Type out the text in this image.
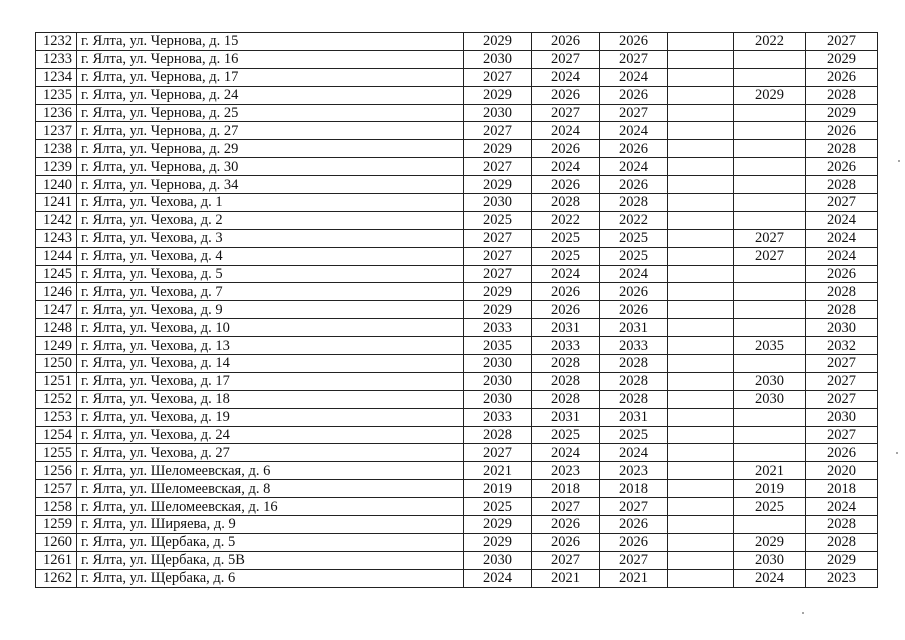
1232	г. Ялта, ул. Чернова, д. 15	2029	2026	2026		2022	2027
1233	г. Ялта, ул. Чернова, д. 16	2030	2027	2027			2029
1234	г. Ялта, ул. Чернова, д. 17	2027	2024	2024			2026
1235	г. Ялта, ул. Чернова, д. 24	2029	2026	2026		2029	2028
1236	г. Ялта, ул. Чернова, д. 25	2030	2027	2027			2029
1237	г. Ялта, ул. Чернова, д. 27	2027	2024	2024			2026
1238	г. Ялта, ул. Чернова, д. 29	2029	2026	2026			2028
1239	г. Ялта, ул. Чернова, д. 30	2027	2024	2024			2026
1240	г. Ялта, ул. Чернова, д. 34	2029	2026	2026			2028
1241	г. Ялта, ул. Чехова, д. 1	2030	2028	2028			2027
1242	г. Ялта, ул. Чехова, д. 2	2025	2022	2022			2024
1243	г. Ялта, ул. Чехова, д. 3	2027	2025	2025		2027	2024
1244	г. Ялта, ул. Чехова, д. 4	2027	2025	2025		2027	2024
1245	г. Ялта, ул. Чехова, д. 5	2027	2024	2024			2026
1246	г. Ялта, ул. Чехова, д. 7	2029	2026	2026			2028
1247	г. Ялта, ул. Чехова, д. 9	2029	2026	2026			2028
1248	г. Ялта, ул. Чехова, д. 10	2033	2031	2031			2030
1249	г. Ялта, ул. Чехова, д. 13	2035	2033	2033		2035	2032
1250	г. Ялта, ул. Чехова, д. 14	2030	2028	2028			2027
1251	г. Ялта, ул. Чехова, д. 17	2030	2028	2028		2030	2027
1252	г. Ялта, ул. Чехова, д. 18	2030	2028	2028		2030	2027
1253	г. Ялта, ул. Чехова, д. 19	2033	2031	2031			2030
1254	г. Ялта, ул. Чехова, д. 24	2028	2025	2025			2027
1255	г. Ялта, ул. Чехова, д. 27	2027	2024	2024			2026
1256	г. Ялта, ул. Шеломеевская, д. 6	2021	2023	2023		2021	2020
1257	г. Ялта, ул. Шеломеевская, д. 8	2019	2018	2018		2019	2018
1258	г. Ялта, ул. Шеломеевская, д. 16	2025	2027	2027		2025	2024
1259	г. Ялта, ул. Ширяева, д. 9	2029	2026	2026			2028
1260	г. Ялта, ул. Щербака, д. 5	2029	2026	2026		2029	2028
1261	г. Ялта, ул. Щербака, д. 5В	2030	2027	2027		2030	2029
1262	г. Ялта, ул. Щербака, д. 6	2024	2021	2021		2024	2023
